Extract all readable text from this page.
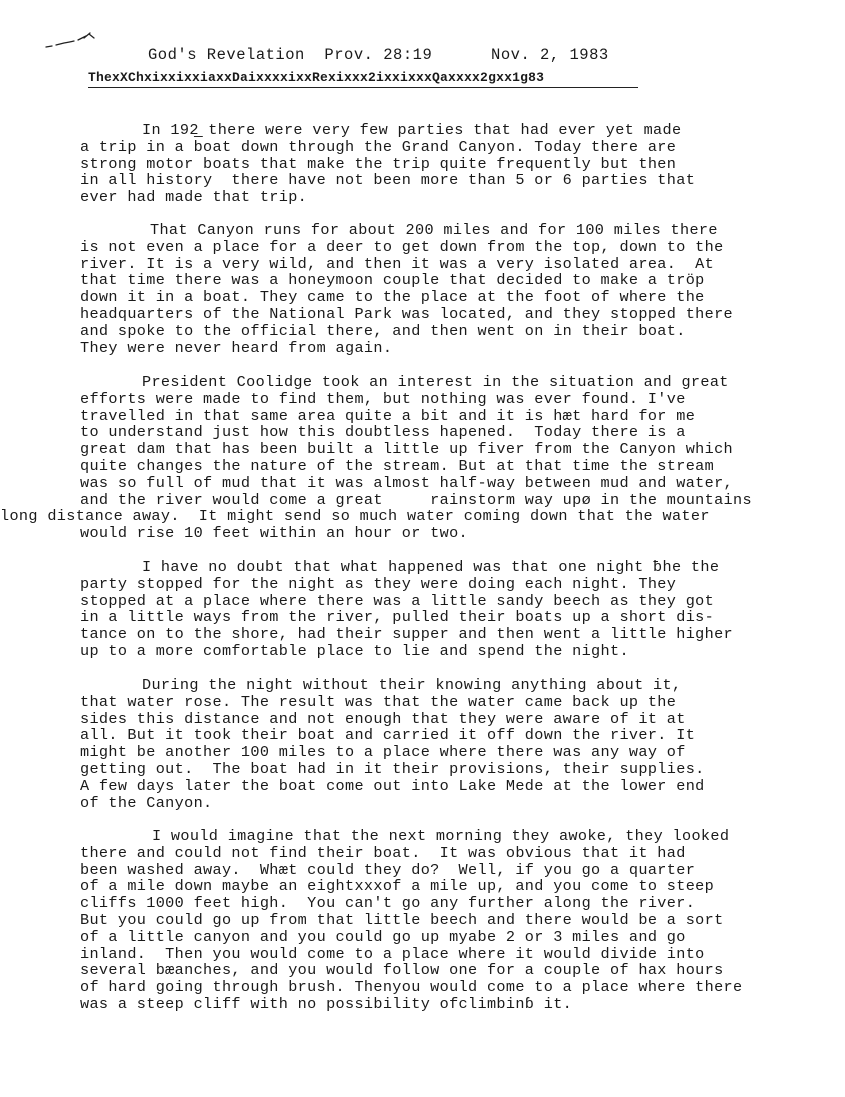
God's Revelation  Prov. 28:19      Nov. 2, 1983
ThexXChxixxixxiaxxDaixxxxixxRexixxx2ixxixxxQaxxxx2gxx1g83
In 192̲ there were very few parties that had ever yet made
a trip in a boat down through the Grand Canyon. Today there are
strong motor boats that make the trip quite frequently but then
in all history  there have not been more than 5 or 6 parties that
ever had made that trip.
That Canyon runs for about 200 miles and for 100 miles there
is not even a place for a deer to get down from the top, down to the
river. It is a very wild, and then it was a very isolated area.  At
that time there was a honeymoon couple that decided to make a tröp
down it in a boat. They came to the place at the foot of where the
headquarters of the National Park was located, and they stopped there
and spoke to the official there, and then went on in their boat.
They were never heard from again.
President Coolidge took an interest in the situation and great
efforts were made to find them, but nothing was ever found. I've
travelled in that same area quite a bit and it is hæt hard for me
to understand just how this doubtless hapened.  Today there is a
great dam that has been built a little up fiver from the Canyon which
quite changes the nature of the stream. But at that time the stream
was so full of mud that it was almost half-way between mud and water,
and the river would come a great     rainstorm way upø in the mountains
long distance away.  It might send so much water coming down that the water
would rise 10 feet within an hour or two.
I have no doubt that what happened was that one night ƀhe the
party stopped for the night as they were doing each night. They
stopped at a place where there was a little sandy beech as they got
in a little ways from the river, pulled their boats up a short dis-
tance on to the shore, had their supper and then went a little higher
up to a more comfortable place to lie and spend the night.
During the night without their knowing anything about it,
that water rose. The result was that the water came back up the
sides this distance and not enough that they were aware of it at
all. But it took their boat and carried it off down the river. It
might be another 100 miles to a place where there was any way of
getting out.  The boat had in it their provisions, their supplies.
A few days later the boat come out into Lake Mede at the lower end
of the Canyon.
I would imagine that the next morning they awoke, they looked
there and could not find their boat.  It was obvious that it had
been washed away.  Whæt could they do?  Well, if you go a quarter
of a mile down maybe an eightxxxof a mile up, and you come to steep
cliffs 1000 feet high.  You can't go any further along the river.
But you could go up from that little beech and there would be a sort
of a little canyon and you could go up myabe 2 or 3 miles and go
inland.  Then you would come to a place where it would divide into
several bæanches, and you would follow one for a couple of hax hours
of hard going through brush. Thenyou would come to a place where there
was a steep cliff with no possibility ofclimbinɓ it.
